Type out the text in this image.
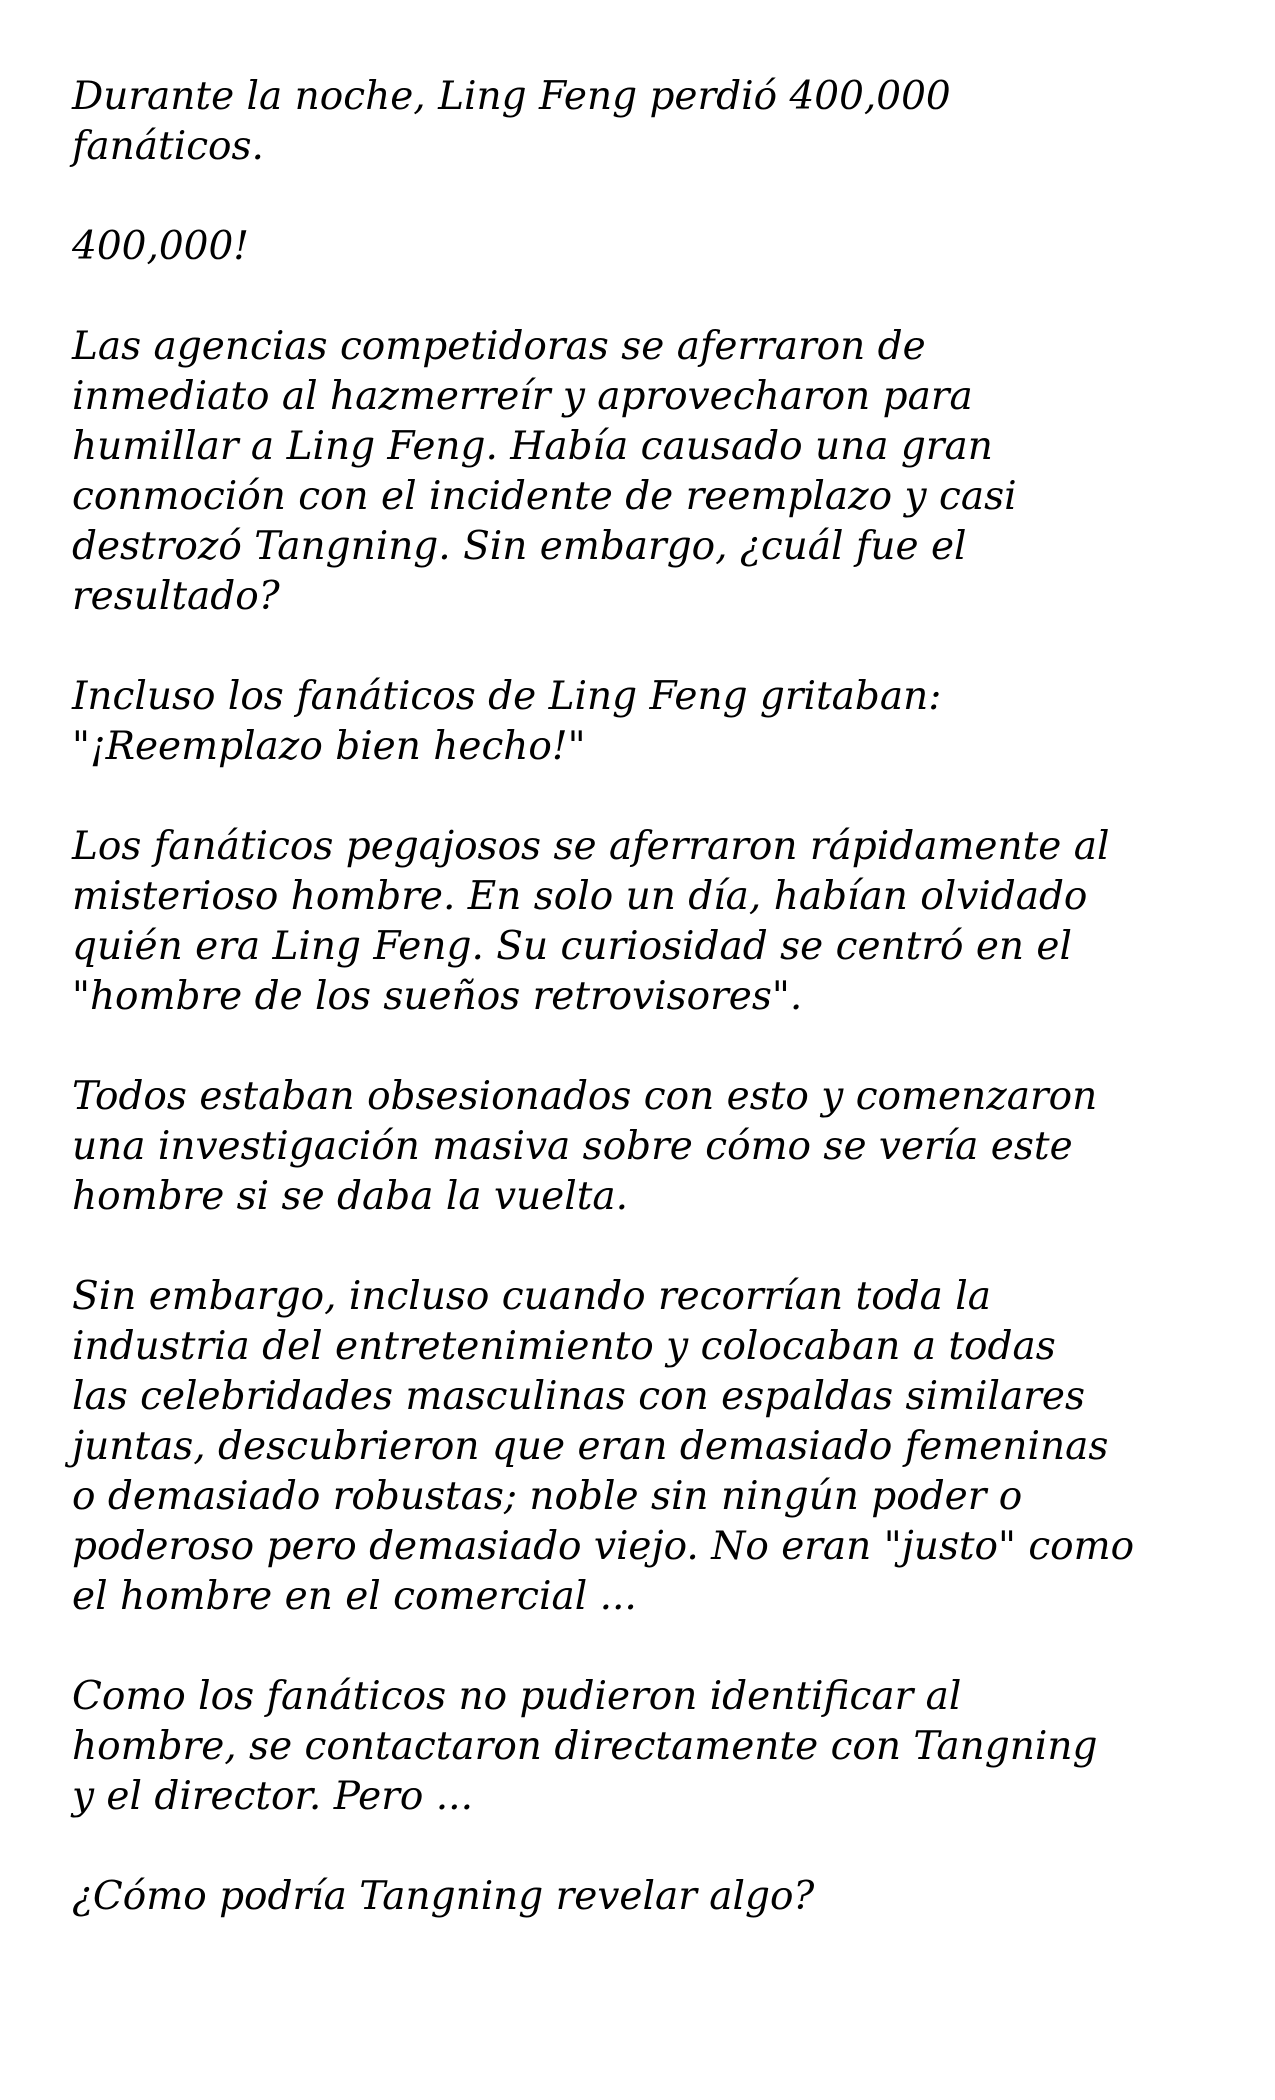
Durante la noche, Ling Feng perdió 400,000
fanáticos.

400,000!

Las agencias competidoras se aferraron de
inmediato al hazmerreír y aprovecharon para
humillar a Ling Feng. Había causado una gran
conmoción con el incidente de reemplazo y casi
destrozó Tangning. Sin embargo, ¿cuál fue el
resultado?

Incluso los fanáticos de Ling Feng gritaban:
"¡Reemplazo bien hecho!"

Los fanáticos pegajosos se aferraron rápidamente al
misterioso hombre. En solo un día, habían olvidado
quién era Ling Feng. Su curiosidad se centró en el
"hombre de los sueños retrovisores".

Todos estaban obsesionados con esto y comenzaron
una investigación masiva sobre cómo se vería este
hombre si se daba la vuelta.

Sin embargo, incluso cuando recorrían toda la
industria del entretenimiento y colocaban a todas
las celebridades masculinas con espaldas similares
juntas, descubrieron que eran demasiado femeninas
o demasiado robustas; noble sin ningún poder o
poderoso pero demasiado viejo. No eran "justo" como
el hombre en el comercial ...

Como los fanáticos no pudieron identificar al
hombre, se contactaron directamente con Tangning
y el director. Pero ...

¿Cómo podría Tangning revelar algo?
